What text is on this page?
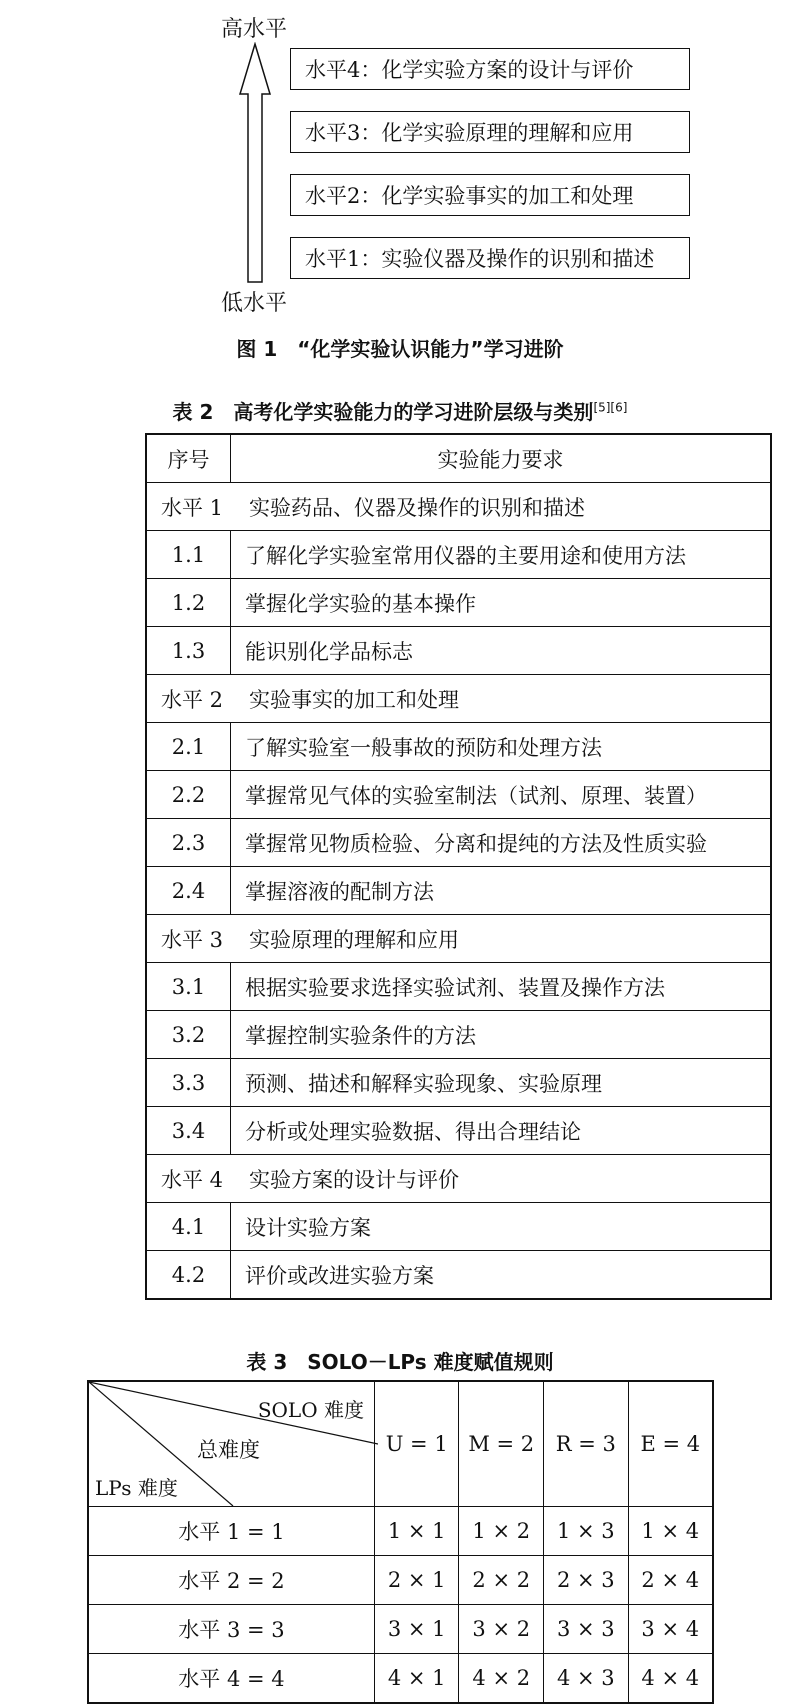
高水平
低水平
水平4：化学实验方案的设计与评价
水平3：化学实验原理的理解和应用
水平2：化学实验事实的加工和处理
水平1：实验仪器及操作的识别和描述
图 1　“化学实验认识能力”学习进阶
表 2　高考化学实验能力的学习进阶层级与类别[5][6]
序号	实验能力要求
水平 1 实验药品、仪器及操作的识别和描述	
1.1	了解化学实验室常用仪器的主要用途和使用方法
1.2	掌握化学实验的基本操作
1.3	能识别化学品标志
水平 2 实验事实的加工和处理	
2.1	了解实验室一般事故的预防和处理方法
2.2	掌握常见气体的实验室制法（试剂、原理、装置）
2.3	掌握常见物质检验、分离和提纯的方法及性质实验
2.4	掌握溶液的配制方法
水平 3 实验原理的理解和应用	
3.1	根据实验要求选择实验试剂、装置及操作方法
3.2	掌握控制实验条件的方法
3.3	预测、描述和解释实验现象、实验原理
3.4	分析或处理实验数据、得出合理结论
水平 4 实验方案的设计与评价	
4.1	设计实验方案
4.2	评价或改进实验方案
表 3　SOLO－LPs 难度赋值规则
SOLO 难度
总难度
LPs 难度	U = 1	M = 2	R = 3	E = 4
水平 1 = 1	1 × 1	1 × 2	1 × 3	1 × 4
水平 2 = 2	2 × 1	2 × 2	2 × 3	2 × 4
水平 3 = 3	3 × 1	3 × 2	3 × 3	3 × 4
水平 4 = 4	4 × 1	4 × 2	4 × 3	4 × 4
